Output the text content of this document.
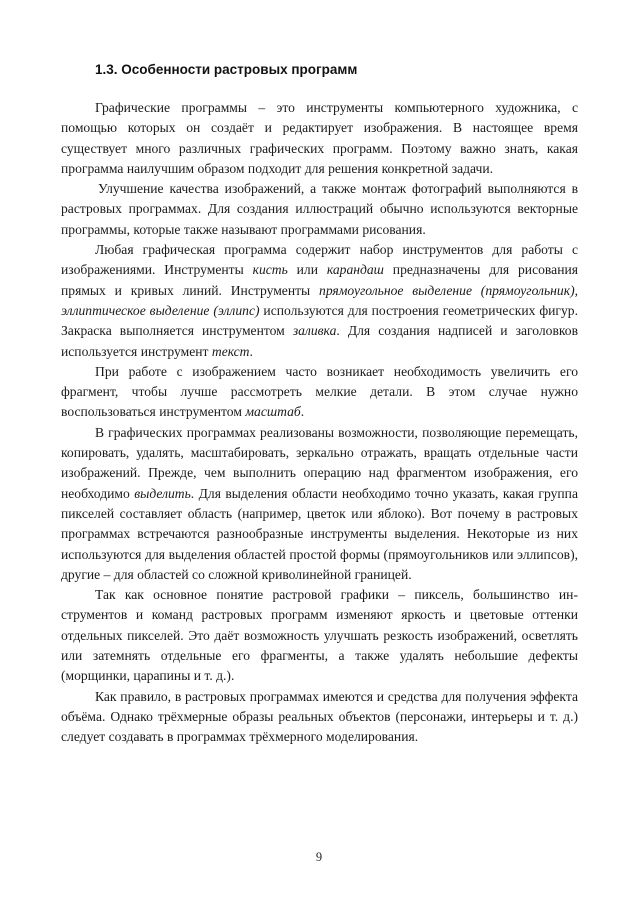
1.3. Особенности растровых программ

Графические программы – это инструменты компьютерного художника, с помощью которых он создаёт и редактирует изображения. В настоящее время существует много различных графических программ. Поэтому важно знать, какая программа наилучшим образом подходит для решения конкретной задачи.

Улучшение качества изображений, а также монтаж фотографий выполняются в растровых программах. Для создания иллюстраций обычно используются векторные программы, которые также называют программами рисования.

Любая графическая программа содержит набор инструментов для работы с изображениями. Инструменты кисть или карандаш предназначены для рисования прямых и кривых линий. Инструменты прямоугольное выделение (прямоугольник), эллиптическое выделение (эллипс) используются для построения геометрических фигур. Закраска выполняется инструментом заливка. Для создания надписей и заголовков используется инструмент текст.

При работе с изображением часто возникает необходимость увеличить его фрагмент, чтобы лучше рассмотреть мелкие детали. В этом случае нужно воспользоваться инструментом масштаб.

В графических программах реализованы возможности, позволяющие перемещать, копировать, удалять, масштабировать, зеркально отражать, вращать отдельные части изображений. Прежде, чем выполнить операцию над фрагментом изображения, его необходимо выделить. Для выделения области необходимо точно указать, какая группа пикселей составляет область (например, цветок или яблоко). Вот почему в растровых программах встречаются разнообразные инструменты выделения. Некоторые из них используются для выделения областей простой формы (прямоугольников или эллипсов), другие – для областей со сложной криволинейной границей.

Так как основное понятие растровой графики – пиксель, большинство инструментов и команд растровых программ изменяют яркость и цветовые оттенки отдельных пикселей. Это даёт возможность улучшать резкость изображений, осветлять или затемнять отдельные его фрагменты, а также удалять небольшие дефекты (морщинки, царапины и т. д.).

Как правило, в растровых программах имеются и средства для получения эффекта объёма. Однако трёхмерные образы реальных объектов (персонажи, интерьеры и т. д.) следует создавать в программах трёхмерного моделирования.

9
